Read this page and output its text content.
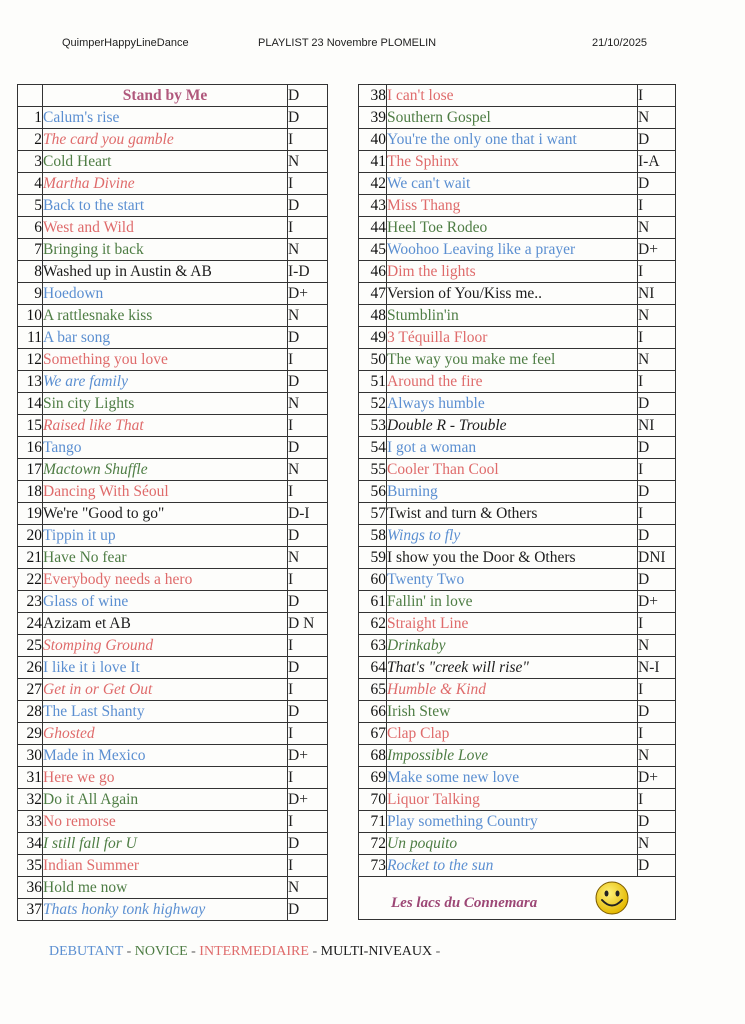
QuimperHappyLineDance	PLAYLIST 23 Novembre PLOMELIN	21/10/2025
	Stand by Me	D
1	Calum's rise	D
2	The card you gamble	I
3	Cold Heart	N
4	Martha Divine	I
5	Back to the start	D
6	West and Wild	I
7	Bringing it back	N
8	Washed up in Austin & AB	I-D
9	Hoedown	D+
10	A rattlesnake kiss	N
11	A bar song	D
12	Something you love	I
13	We are family	D
14	Sin city Lights	N
15	Raised like That	I
16	Tango	D
17	Mactown Shuffle	N
18	Dancing With Séoul	I
19	We're "Good to go"	D-I
20	Tippin it up	D
21	Have No fear	N
22	Everybody needs a hero	I
23	Glass of wine	D
24	Azizam et AB	D N
25	Stomping Ground	I
26	I like it i love It	D
27	Get in or Get Out	I
28	The Last Shanty	D
29	Ghosted	I
30	Made in Mexico	D+
31	Here we go	I
32	Do it All Again	D+
33	No remorse	I
34	I still fall for U	D
35	Indian Summer	I
36	Hold me now	N
37	Thats honky tonk highway	D
38	I can't lose	I
39	Southern Gospel	N
40	You're the only one that i want	D
41	The Sphinx	I-A
42	We can't wait	D
43	Miss Thang	I
44	Heel Toe Rodeo	N
45	Woohoo Leaving like a prayer	D+
46	Dim the lights	I
47	Version of You/Kiss me..	NI
48	Stumblin'in	N
49	3 Téquilla Floor	I
50	The way you make me feel	N
51	Around the fire	I
52	Always humble	D
53	Double R - Trouble	NI
54	I got a woman	D
55	Cooler Than Cool	I
56	Burning	D
57	Twist and turn & Others	I
58	Wings to fly	D
59	I show you the Door & Others	DNI
60	Twenty Two	D
61	Fallin' in love	D+
62	Straight Line	I
63	Drinkaby	N
64	That's "creek will rise"	N-I
65	Humble & Kind	I
66	Irish Stew	D
67	Clap Clap	I
68	Impossible Love	N
69	Make some new love	D+
70	Liquor Talking	I
71	Play something Country	D
72	Un poquito	N
73	Rocket to the sun	D

Les lacs du Connemara		
DEBUTANT - NOVICE - INTERMEDIAIRE - MULTI-NIVEAUX -
